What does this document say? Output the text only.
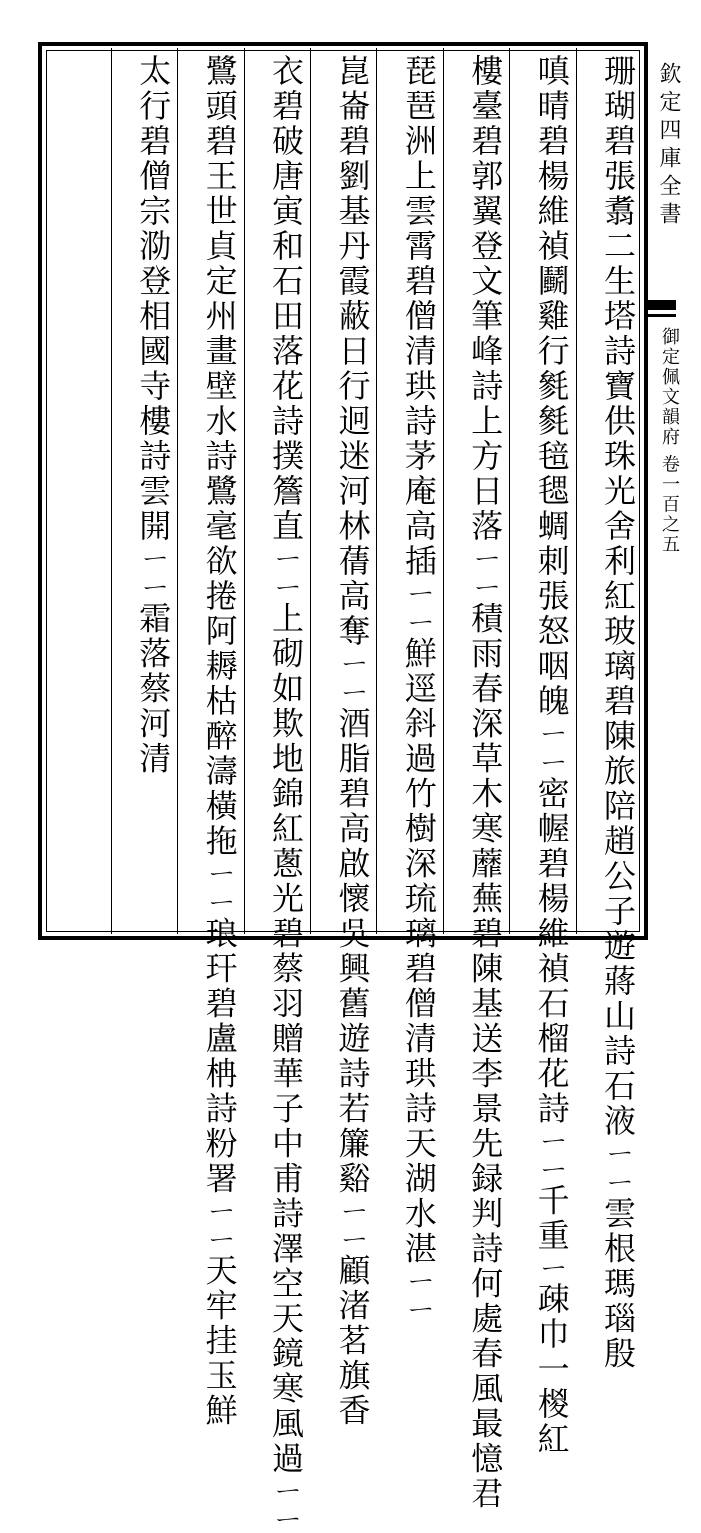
欽定四庫全書
御定佩文韻府 卷一百之五
珊瑚碧張翥二生塔詩寶供珠光舍利紅玻璃碧陳旅陪趙公子遊蔣山詩石液ㄧㄧ雲根瑪瑙殷
嗔晴碧楊維禎鬬雞行毿毿毰毸蜩刺張怒咽魄ㄧㄧ密幄碧楊維禎石榴花詩ㄧㄧ千重ㄧ疎巾一椶紅
樓臺碧郭翼登文筆峰詩上方日落ㄧㄧ積雨春深草木寒蘼蕪碧陳基送李景先録判詩何處春風最憶君
琵琶洲上雲霄碧僧清珙詩茅庵高插ㄧㄧ鮮逕斜過竹樹深琉璃碧僧清珙詩天湖水湛ㄧㄧ
崑崙碧劉基丹霞蔽日行迥迷河林蒨高奪ㄧㄧ酒脂碧高啟懷吳興舊遊詩若簾谿ㄧㄧ顧渚茗旗香
衣碧破唐寅和石田落花詩撲簷直ㄧㄧ上砌如欺地錦紅蔥光碧蔡羽贈華子中甫詩澤空天鏡寒風過ㄧㄧ
鷺頭碧王世貞定州畫壁水詩鷺毫欲捲阿耨枯醉濤橫拖ㄧㄧ琅玕碧盧柟詩粉署ㄧㄧ天牢挂玉鮮
太行碧僧宗泐登相國寺樓詩雲開ㄧㄧ霜落蔡河清
